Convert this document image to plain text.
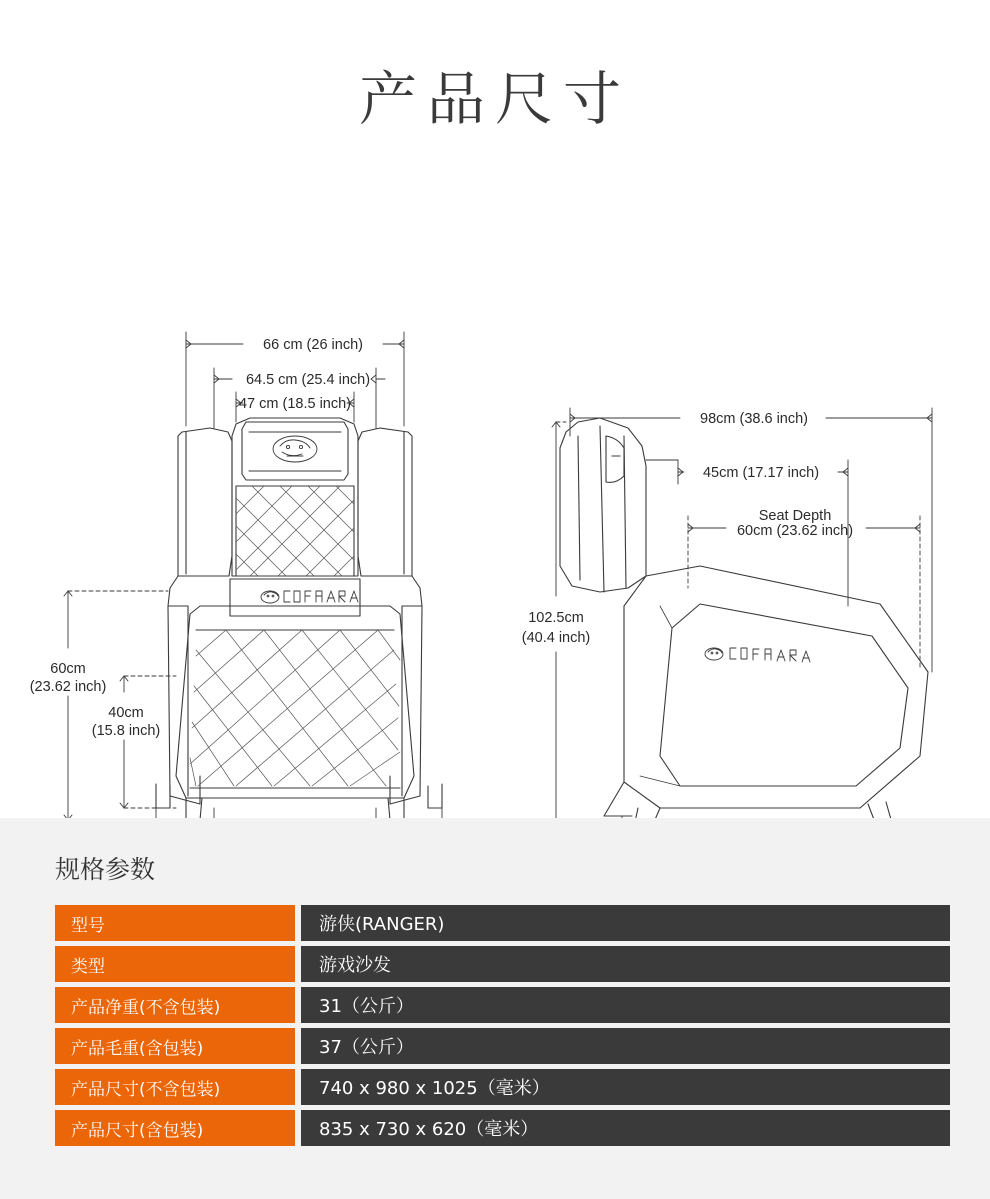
产品尺寸
66 cm (26 inch)
64.5 cm (25.4 inch)
47 cm (18.5 inch)
60cm
(23.62 inch)
40cm
(15.8 inch)
98cm (38.6 inch)
45cm (17.17 inch)
Seat Depth
60cm (23.62 inch)
102.5cm
(40.4 inch)
规格参数
型号		游侠(RANGER)
类型		游戏沙发
产品净重(不含包装)		31（公斤）
产品毛重(含包装)		37（公斤）
产品尺寸(不含包装)		740 x 980 x 1025（毫米）
产品尺寸(含包装)		835 x 730 x 620（毫米）
